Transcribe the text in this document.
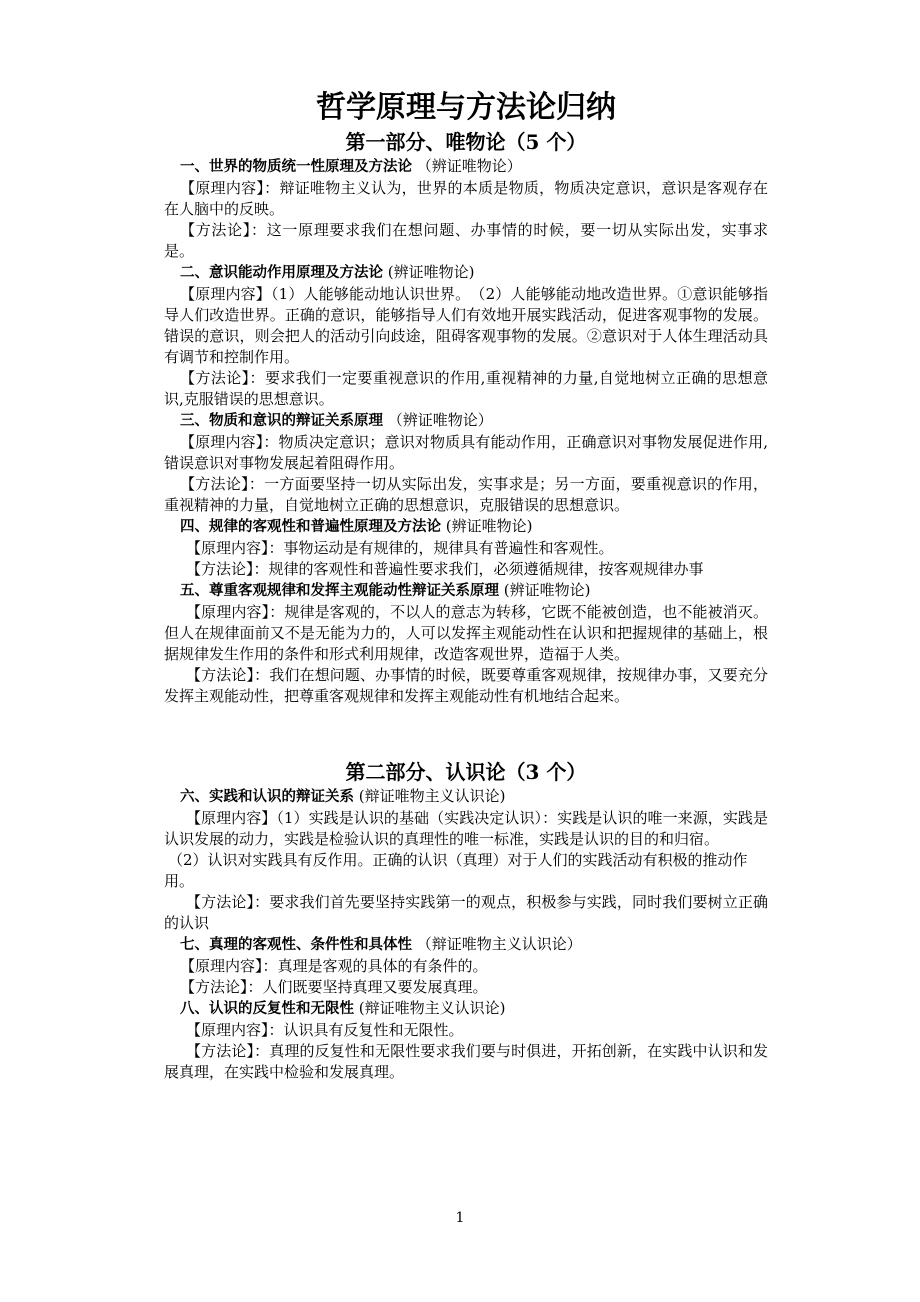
哲学原理与方法论归纳
第一部分、唯物论（5 个）
一、世界的物质统一性原理及方法论 （辨证唯物论）

【原理内容】：辩证唯物主义认为，世界的本质是物质，物质决定意识，意识是客观存在在人脑中的反映。

【方法论】：这一原理要求我们在想问题、办事情的时候，要一切从实际出发，实事求是。

二、意识能动作用原理及方法论 (辨证唯物论)

【原理内容】（1）人能够能动地认识世界。　（2）人能够能动地改造世界。①意识能够指导人们改造世界。正确的意识，能够指导人们有效地开展实践活动，促进客观事物的发展。错误的意识，则会把人的活动引向歧途，阻碍客观事物的发展。②意识对于人体生理活动具有调节和控制作用。

【方法论】：要求我们一定要重视意识的作用,重视精神的力量,自觉地树立正确的思想意识,克服错误的思想意识。

三、物质和意识的辩证关系原理 （辨证唯物论）

【原理内容】：物质决定意识；意识对物质具有能动作用，正确意识对事物发展促进作用,错误意识对事物发展起着阻碍作用。

【方法论】：一方面要坚持一切从实际出发，实事求是；另一方面，要重视意识的作用，重视精神的力量，自觉地树立正确的思想意识，克服错误的思想意识。

四、规律的客观性和普遍性原理及方法论 (辨证唯物论)

【原理内容】：事物运动是有规律的，规律具有普遍性和客观性。

【方法论】：规律的客观性和普遍性要求我们，必须遵循规律，按客观规律办事

五、尊重客观规律和发挥主观能动性辩证关系原理 (辨证唯物论)

【原理内容】：规律是客观的，不以人的意志为转移，它既不能被创造，也不能被消灭。但人在规律面前又不是无能为力的，人可以发挥主观能动性在认识和把握规律的基础上，根据规律发生作用的条件和形式利用规律，改造客观世界，造福于人类。

【方法论】：我们在想问题、办事情的时候，既要尊重客观规律，按规律办事，又要充分发挥主观能动性，把尊重客观规律和发挥主观能动性有机地结合起来。

第二部分、认识论（3 个）
六、实践和认识的辩证关系 (辩证唯物主义认识论)

【原理内容】（1）实践是认识的基础（实践决定认识）：实践是认识的唯一来源，实践是认识发展的动力，实践是检验认识的真理性的唯一标准，实践是认识的目的和归宿。

（2）认识对实践具有反作用。正确的认识（真理）对于人们的实践活动有积极的推动作用。

【方法论】：要求我们首先要坚持实践第一的观点，积极参与实践，同时我们要树立正确的认识

七、真理的客观性、条件性和具体性 （辩证唯物主义认识论）

【原理内容】：真理是客观的具体的有条件的。

【方法论】：人们既要坚持真理又要发展真理。

八、认识的反复性和无限性 (辩证唯物主义认识论)

【原理内容】：认识具有反复性和无限性。

【方法论】：真理的反复性和无限性要求我们要与时俱进，开拓创新，在实践中认识和发展真理，在实践中检验和发展真理。

1
